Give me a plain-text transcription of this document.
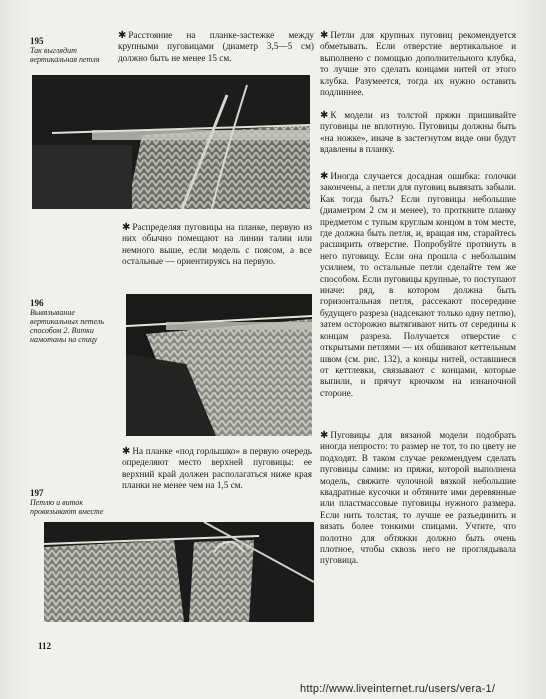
195
Так выглядит вертикальная петля

✱ Расстояние на планке-застежке между крупными пуговицами (диаметр 3,5—5 см) должно быть не менее 15 см.

✱ Распределяя пуговицы на планке, первую из них обычно помещают на линии талии или немного выше, если модель с поясом, а все остальные — ориентируясь на первую.

196
Вывязывание вертикальных петель способом 2. Витки намотаны на спицу

✱ На планке «под горлышко» в первую очередь определяют место верхней пуговицы: ее верхний край должен располагаться ниже края планки не менее чем на 1,5 см.

197
Петлю и виток провязывают вместе

✱ Петли для крупных пуговиц рекомендуется обметывать. Если отверстие вертикальное и выполнено с помощью дополнительного клубка, то лучше это сделать концами нитей от этого клубка. Разумеется, тогда их нужно оставить подлиннее.

✱ К модели из толстой пряжи пришивайте пуговицы не вплотную. Пуговицы должны быть «на ножке», иначе в застегнутом виде они будут вдавлены в планку.

✱ Иногда случается досадная ошибка: голочки закончены, а петли для пуговиц вывязать забыли. Как тогда быть? Если пуговицы небольшие (диаметром 2 см и менее), то проткните планку предметом с тупым круглым концом в том месте, где должна быть петля, и, вращая им, старайтесь расширить отверстие. Попробуйте протянуть в него пуговицу. Если она прошла с небольшим усилием, то остальные петли сделайте тем же способом. Если пуговицы крупные, то поступают иначе: ряд, в котором должна быть горизонтальная петля, рассекают посередине будущего разреза (надсекают только одну петлю), затем осторожно вытягивают нить от середины к концам разреза. Получается отверстие с открытыми петлями — их обшивают кеттельным швом (см. рис. 132), а концы нитей, оставшиеся от кеттлевки, связывают с концами, которые выпили, и прячут крючком на изнаночной стороне.

✱ Пуговицы для вязаной модели подобрать иногда непросто: то размер не тот, то по цвету не подходят. В таком случае рекомендуем сделать пуговицы самим: из пряжи, которой выполнена модель, свяжите чулочной вязкой небольшие квадратные кусочки и обтяните ими деревянные или пластмассовые пуговицы нужного размера. Если нить толстая, то лучше ее разъединить и вязать более тонкими спицами. Учтите, что полотно для обтяжки должно быть очень плотное, чтобы сквозь него не проглядывала пуговица.

112
http://www.liveinternet.ru/users/vera-1/
